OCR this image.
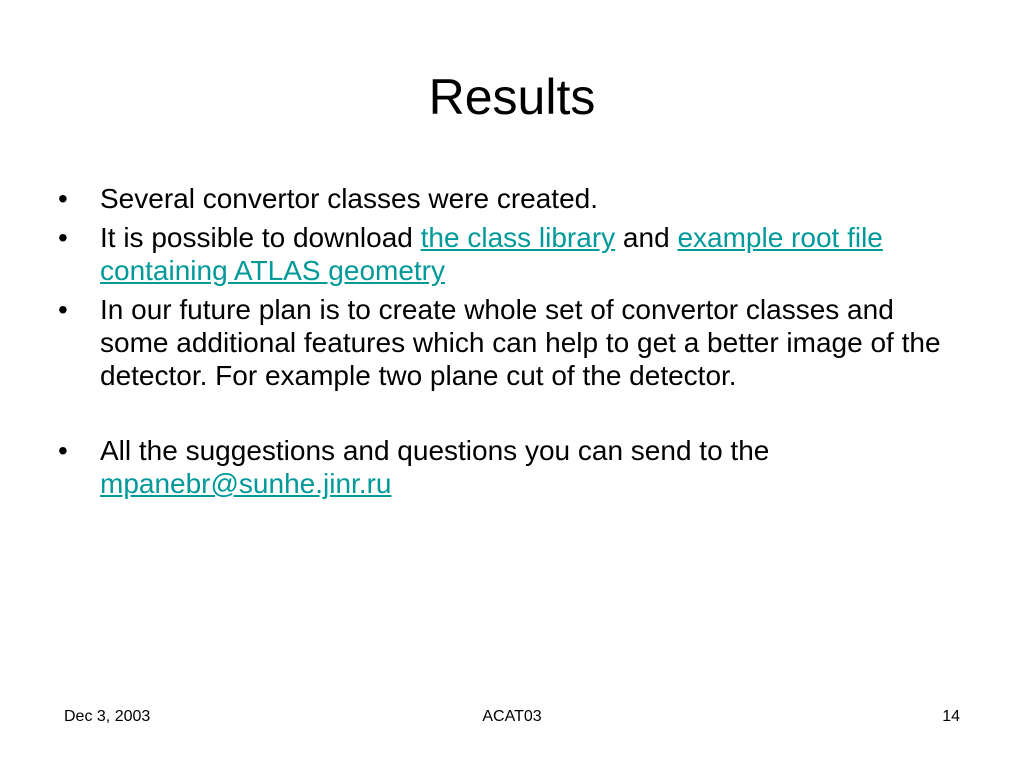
Results
•	Several convertor classes were created.
•	It is possible to download the class library and example root file containing ATLAS geometry
•	In our future plan is to create whole set of convertor classes and some additional features which can help to get a better image of the detector. For example two plane cut of the detector.
•	All the suggestions and questions you can send to the mpanebr@sunhe.jinr.ru
Dec 3, 2003	ACAT03	14
